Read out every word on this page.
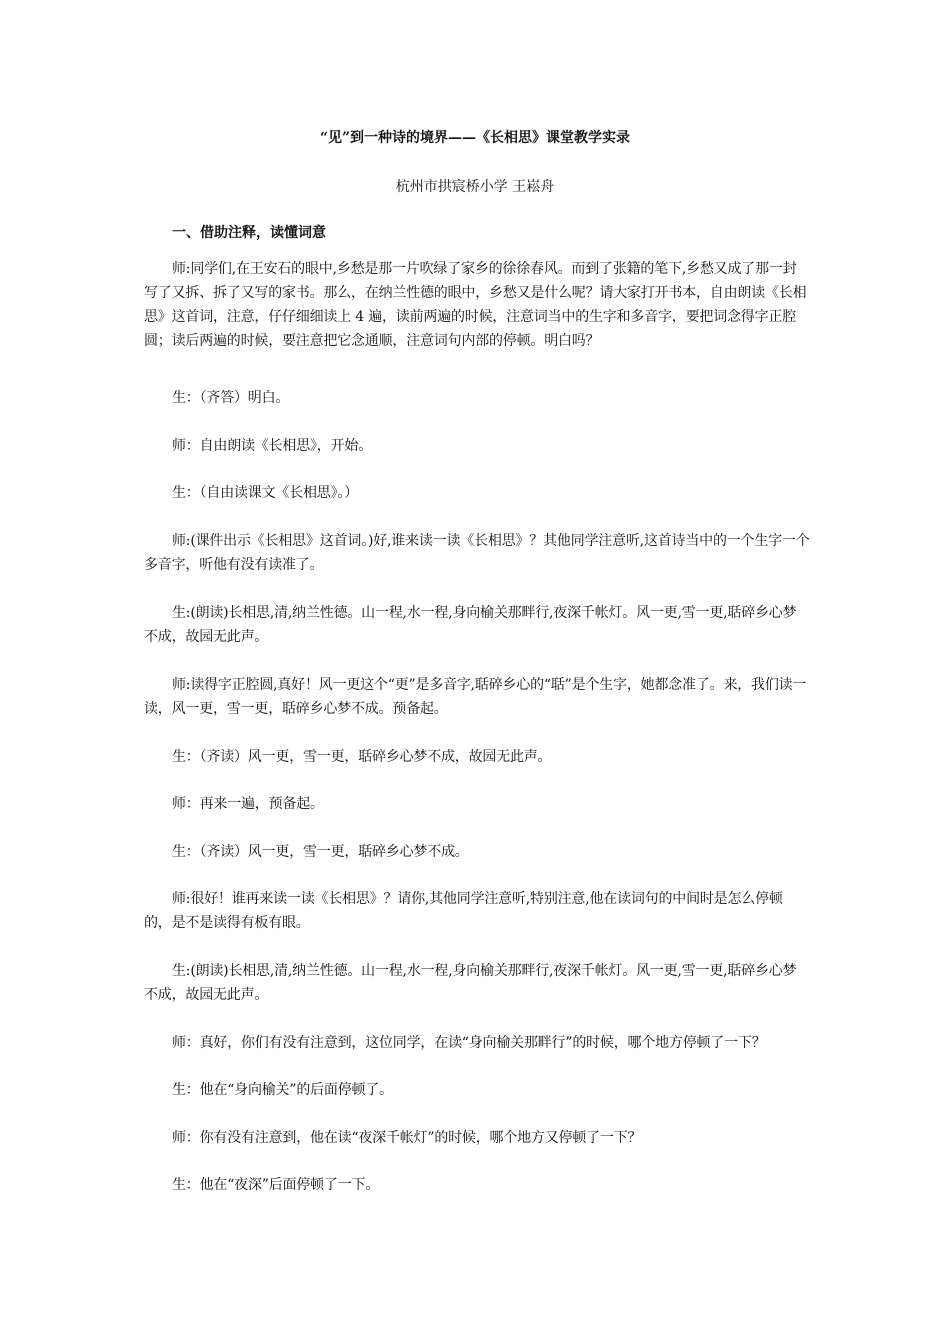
“见”到一种诗的境界——《长相思》课堂教学实录
杭州市拱宸桥小学 王崧舟
一、借助注释，读懂词意

师:同学们,在王安石的眼中,乡愁是那一片吹绿了家乡的徐徐春风。而到了张籍的笔下,乡愁又成了那一封写了又拆、拆了又写的家书。那么，在纳兰性德的眼中，乡愁又是什么呢？请大家打开书本，自由朗读《长相思》这首词，注意，仔仔细细读上 4 遍，读前两遍的时候，注意词当中的生字和多音字，要把词念得字正腔圆；读后两遍的时候，要注意把它念通顺，注意词句内部的停顿。明白吗？

生：（齐答）明白。

师：自由朗读《长相思》，开始。

生：（自由读课文《长相思》。）

师:(课件出示《长相思》这首词。)好,谁来读一读《长相思》？其他同学注意听,这首诗当中的一个生字一个多音字，听他有没有读准了。

生:(朗读)长相思,清,纳兰性德。山一程,水一程,身向榆关那畔行,夜深千帐灯。风一更,雪一更,聒碎乡心梦不成，故园无此声。

师:读得字正腔圆,真好！风一更这个“更”是多音字,聒碎乡心的“聒”是个生字，她都念准了。来，我们读一读，风一更，雪一更，聒碎乡心梦不成。预备起。

生：（齐读）风一更，雪一更，聒碎乡心梦不成，故园无此声。

师：再来一遍，预备起。

生：（齐读）风一更，雪一更，聒碎乡心梦不成。

师:很好！谁再来读一读《长相思》？请你,其他同学注意听,特别注意,他在读词句的中间时是怎么停顿的，是不是读得有板有眼。

生:(朗读)长相思,清,纳兰性德。山一程,水一程,身向榆关那畔行,夜深千帐灯。风一更,雪一更,聒碎乡心梦不成，故园无此声。

师：真好，你们有没有注意到，这位同学，在读“身向榆关那畔行”的时候，哪个地方停顿了一下？

生：他在“身向榆关”的后面停顿了。

师：你有没有注意到，他在读“夜深千帐灯”的时候，哪个地方又停顿了一下？

生：他在“夜深”后面停顿了一下。
